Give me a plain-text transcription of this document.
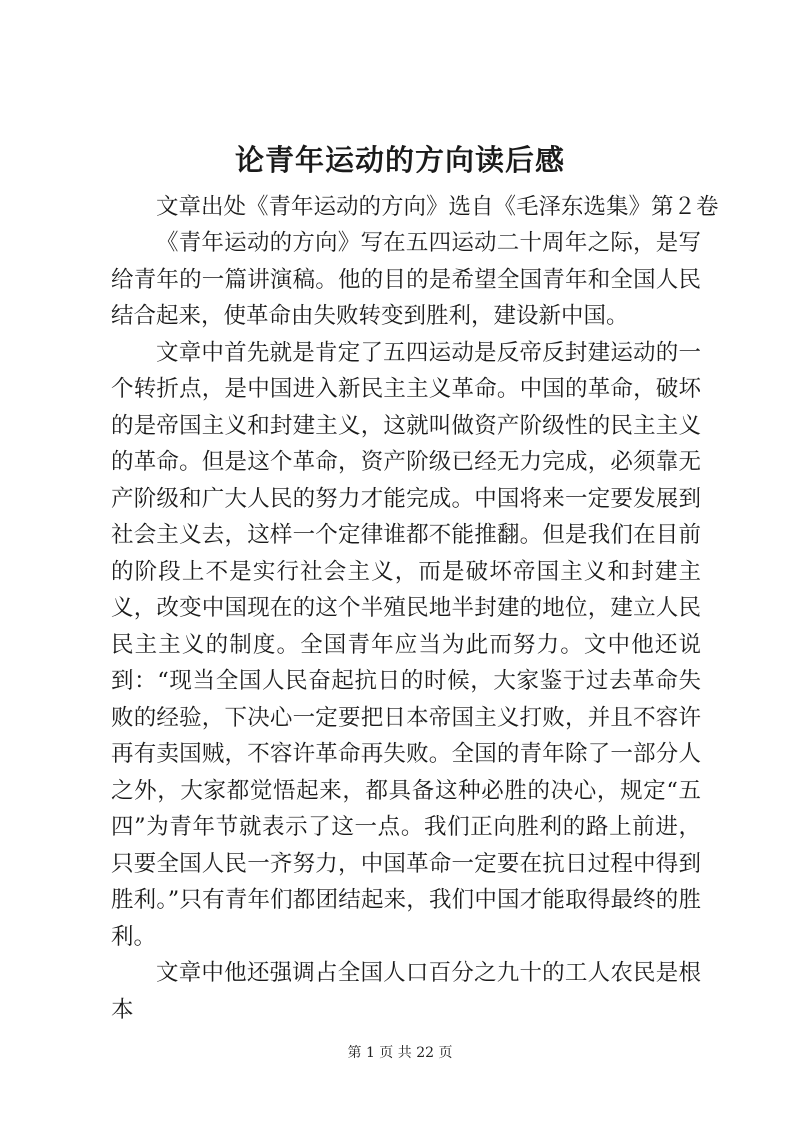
论青年运动的方向读后感
文章出处《青年运动的方向》选自《毛泽东选集》第２卷

《青年运动的方向》写在五四运动二十周年之际，是写给青年的一篇讲演稿。他的目的是希望全国青年和全国人民结合起来，使革命由失败转变到胜利，建设新中国。

文章中首先就是肯定了五四运动是反帝反封建运动的一个转折点，是中国进入新民主主义革命。中国的革命，破坏的是帝国主义和封建主义，这就叫做资产阶级性的民主主义的革命。但是这个革命，资产阶级已经无力完成，必须靠无产阶级和广大人民的努力才能完成。中国将来一定要发展到社会主义去，这样一个定律谁都不能推翻。但是我们在目前的阶段上不是实行社会主义，而是破坏帝国主义和封建主义，改变中国现在的这个半殖民地半封建的地位，建立人民民主主义的制度。全国青年应当为此而努力。文中他还说到：“现当全国人民奋起抗日的时候，大家鉴于过去革命失败的经验，下决心一定要把日本帝国主义打败，并且不容许再有卖国贼，不容许革命再失败。全国的青年除了一部分人之外，大家都觉悟起来，都具备这种必胜的决心，规定“五四”为青年节就表示了这一点。我们正向胜利的路上前进，只要全国人民一齐努力，中国革命一定要在抗日过程中得到胜利。”只有青年们都团结起来，我们中国才能取得最终的胜利。

文章中他还强调占全国人口百分之九十的工人农民是根本

第 1 页 共 22 页
